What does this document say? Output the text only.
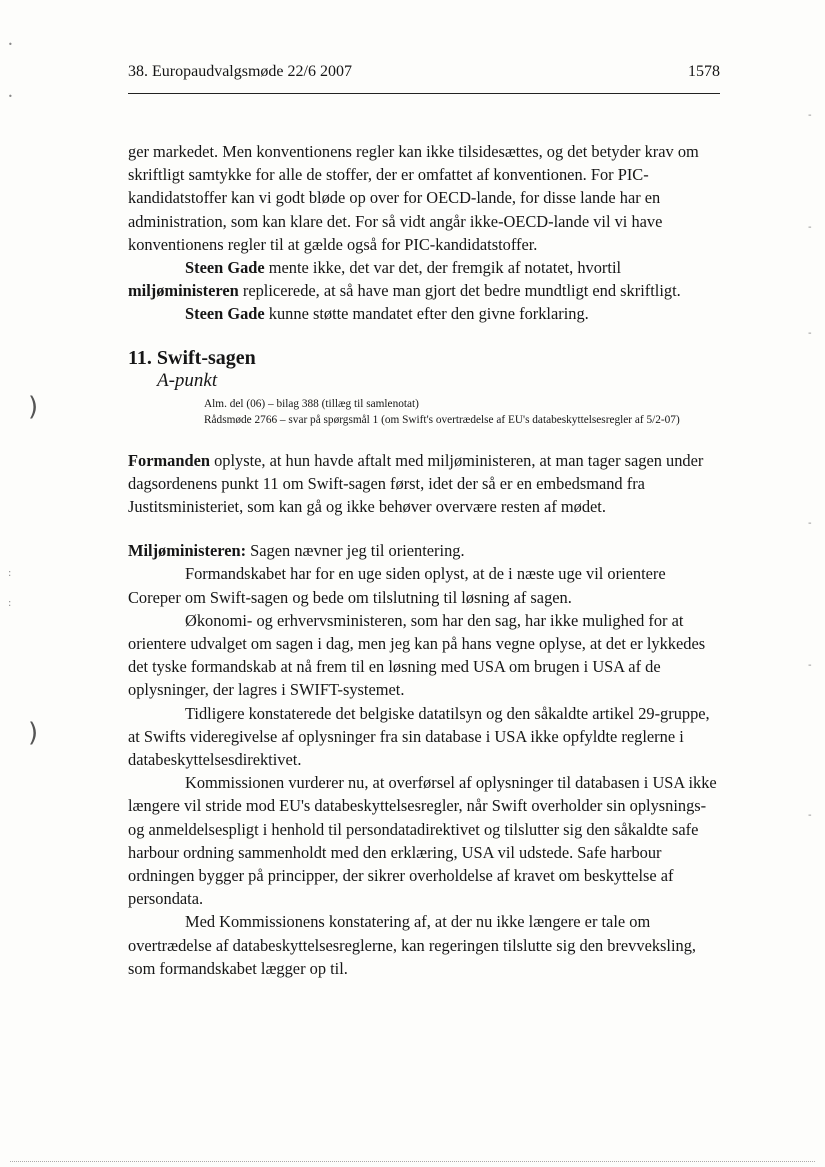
38. Europaudvalgsmøde 22/6 2007	1578

ger markedet. Men konventionens regler kan ikke tilsidesættes, og det betyder krav om skriftligt samtykke for alle de stoffer, der er omfattet af konventionen. For PIC-kandidatstoffer kan vi godt bløde op over for OECD-lande, for disse lande har en administration, som kan klare det. For så vidt angår ikke-OECD-lande vil vi have konventionens regler til at gælde også for PIC-kandidatstoffer.

Steen Gade mente ikke, det var det, der fremgik af notatet, hvortil miljøministeren replicerede, at så have man gjort det bedre mundtligt end skriftligt.

Steen Gade kunne støtte mandatet efter den givne forklaring.

11. Swift-sagen
A-punkt
Alm. del (06) – bilag 388 (tillæg til samlenotat)
Rådsmøde 2766 – svar på spørgsmål 1 (om Swift's overtrædelse af EU's databeskyttelsesregler af 5/2-07)

Formanden oplyste, at hun havde aftalt med miljøministeren, at man tager sagen under dagsordenens punkt 11 om Swift-sagen først, idet der så er en embedsmand fra Justitsministeriet, som kan gå og ikke behøver overvære resten af mødet.

Miljøministeren: Sagen nævner jeg til orientering.

Formandskabet har for en uge siden oplyst, at de i næste uge vil orientere Coreper om Swift-sagen og bede om tilslutning til løsning af sagen.

Økonomi- og erhvervsministeren, som har den sag, har ikke mulighed for at orientere udvalget om sagen i dag, men jeg kan på hans vegne oplyse, at det er lykkedes det tyske formandskab at nå frem til en løsning med USA om brugen i USA af de oplysninger, der lagres i SWIFT-systemet.

Tidligere konstaterede det belgiske datatilsyn og den såkaldte artikel 29-gruppe, at Swifts videregivelse af oplysninger fra sin database i USA ikke opfyldte reglerne i databeskyttelsesdirektivet.

Kommissionen vurderer nu, at overførsel af oplysninger til databasen i USA ikke længere vil stride mod EU's databeskyttelsesregler, når Swift overholder sin oplysnings- og anmeldelsespligt i henhold til persondatadirektivet og tilslutter sig den såkaldte safe harbour ordning sammenholdt med den erklæring, USA vil udstede. Safe harbour ordningen bygger på principper, der sikrer overholdelse af kravet om beskyttelse af persondata.

Med Kommissionens konstatering af, at der nu ikke længere er tale om overtrædelse af databeskyttelsesreglerne, kan regeringen tilslutte sig den brevveksling, som formandskabet lægger op til.

•
•
)
)
-
-
-
-
-
-
:
:
